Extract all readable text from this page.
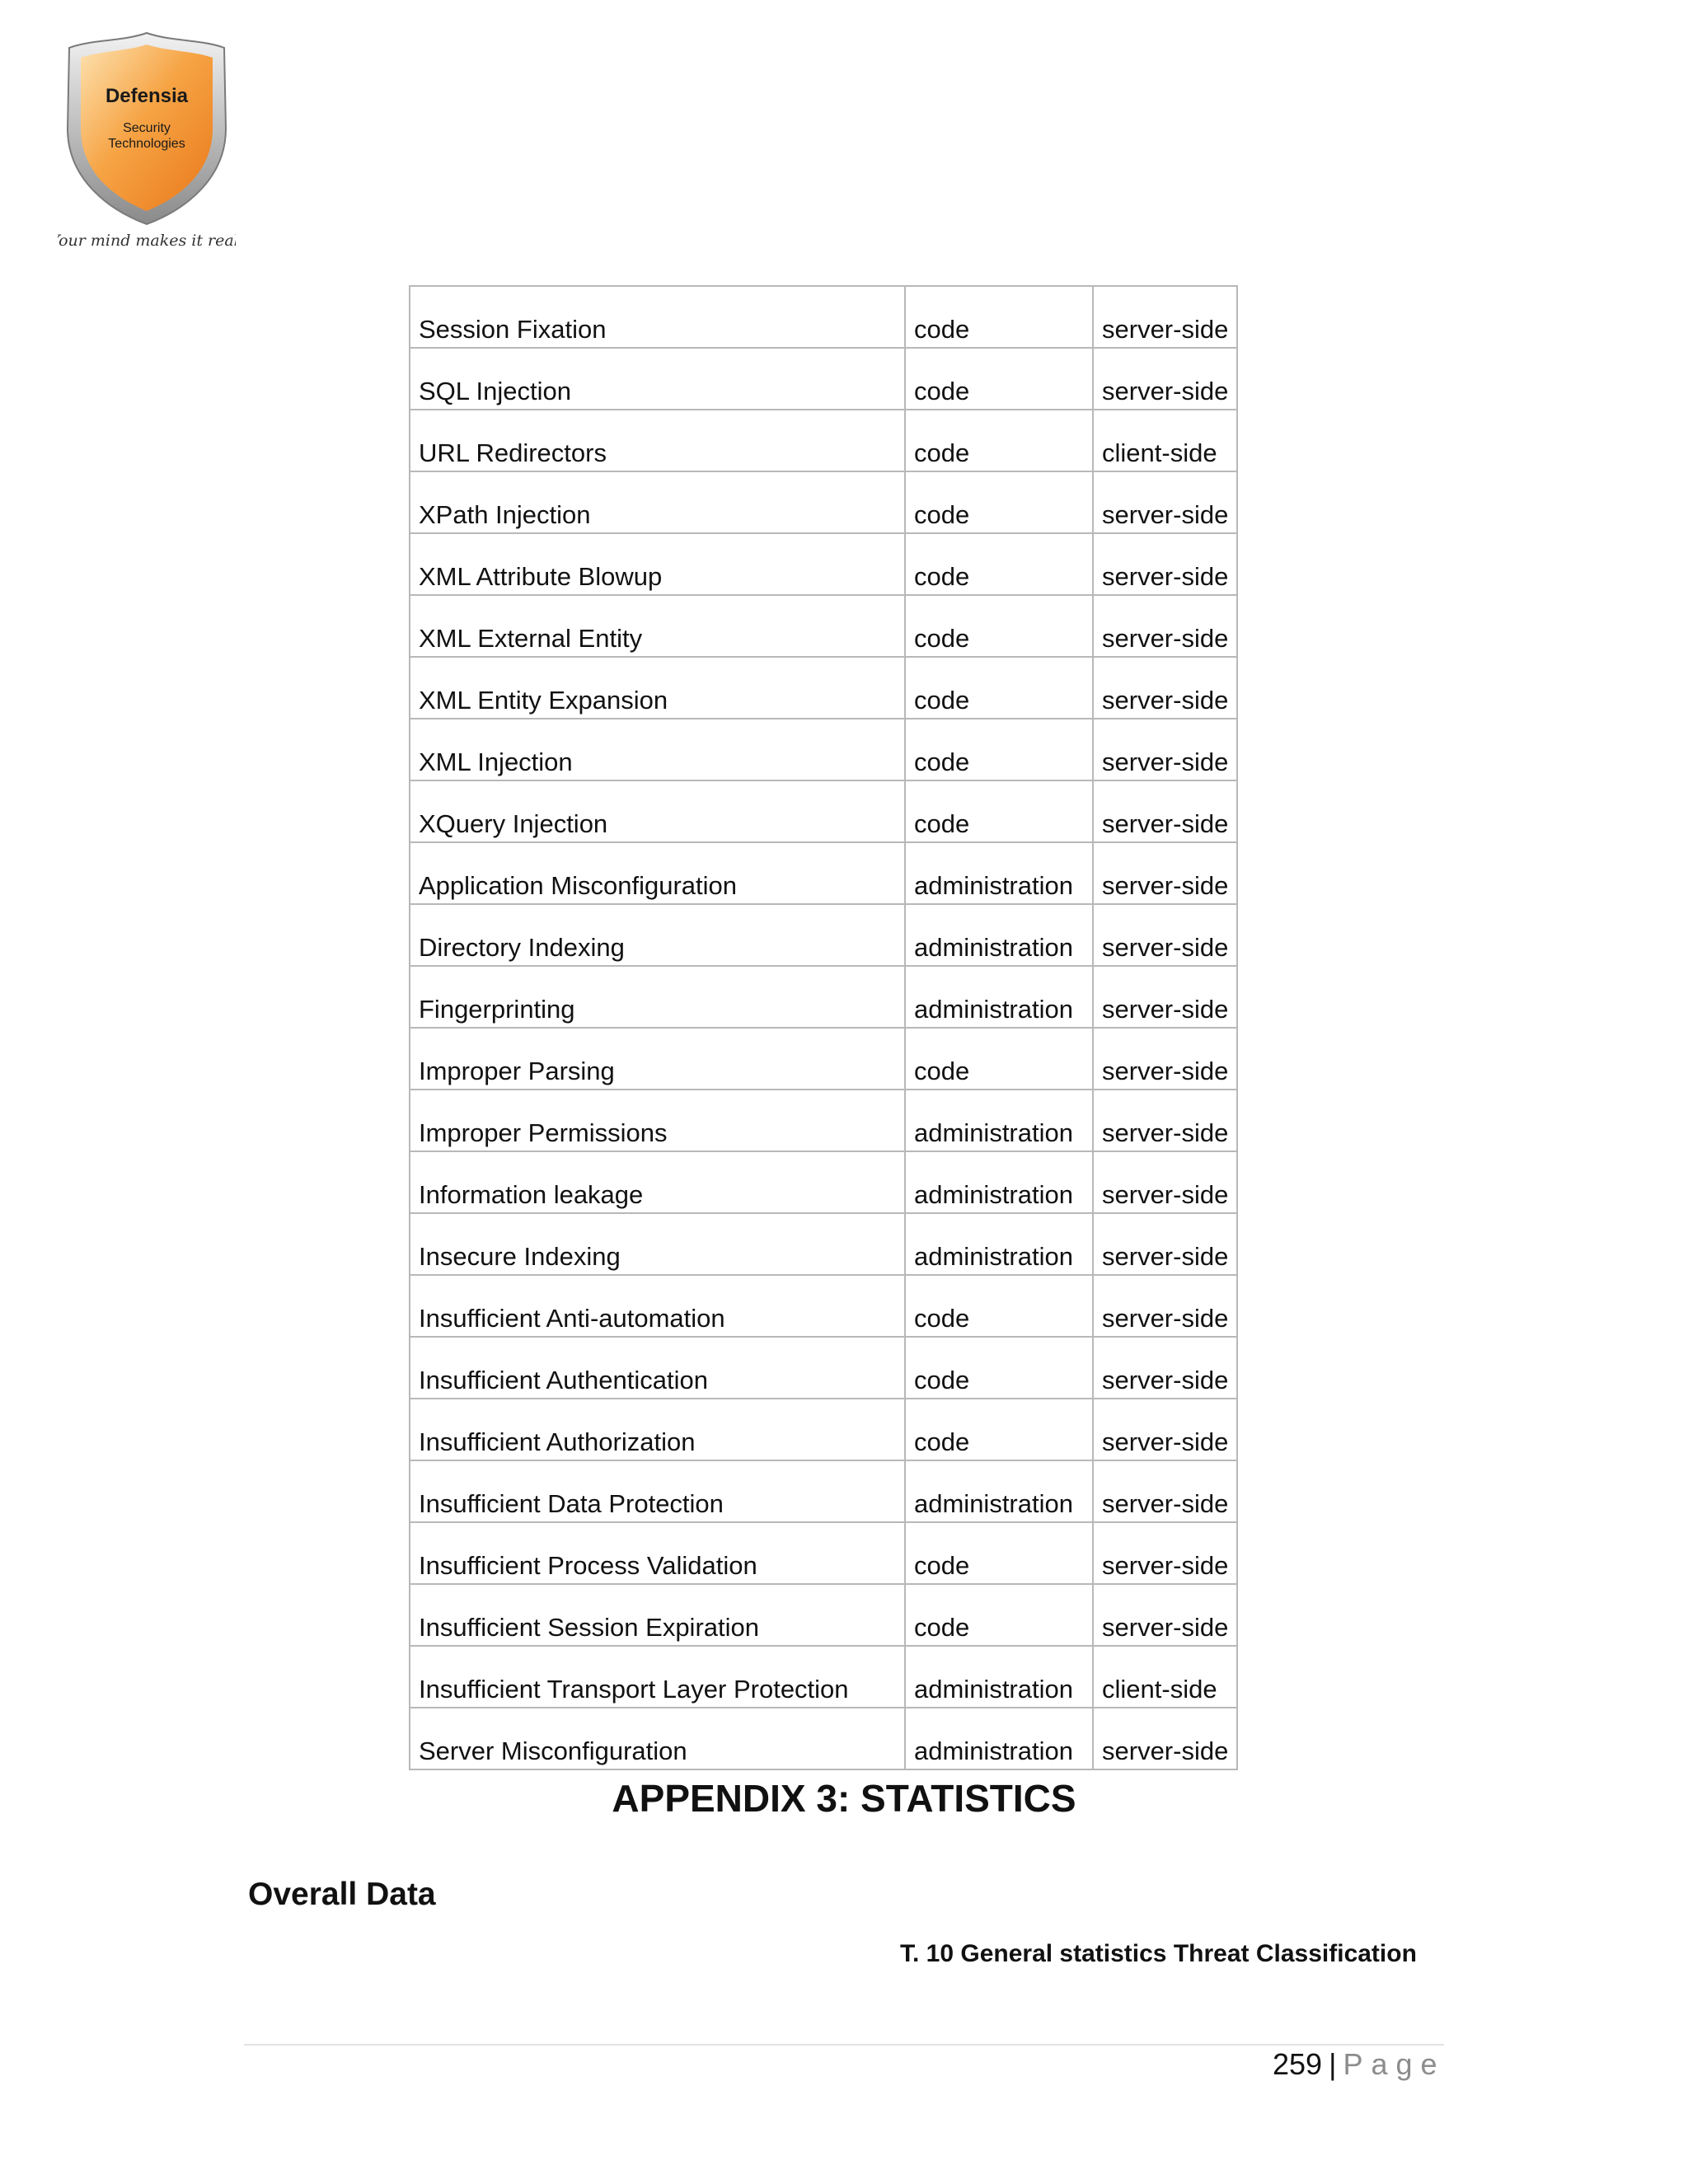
Defensia
Security
Technologies
Your mind makes it real.
Session Fixation	code	server-side
SQL Injection	code	server-side
URL Redirectors	code	client-side
XPath Injection	code	server-side
XML Attribute Blowup	code	server-side
XML External Entity	code	server-side
XML Entity Expansion	code	server-side
XML Injection	code	server-side
XQuery Injection	code	server-side
Application Misconfiguration	administration	server-side
Directory Indexing	administration	server-side
Fingerprinting	administration	server-side
Improper Parsing	code	server-side
Improper Permissions	administration	server-side
Information leakage	administration	server-side
Insecure Indexing	administration	server-side
Insufficient Anti-automation	code	server-side
Insufficient Authentication	code	server-side
Insufficient Authorization	code	server-side
Insufficient Data Protection	administration	server-side
Insufficient Process Validation	code	server-side
Insufficient Session Expiration	code	server-side
Insufficient Transport Layer Protection	administration	client-side
Server Misconfiguration	administration	server-side
APPENDIX 3: STATISTICS
Overall Data
T. 10 General statistics Threat Classification
259 | Page
